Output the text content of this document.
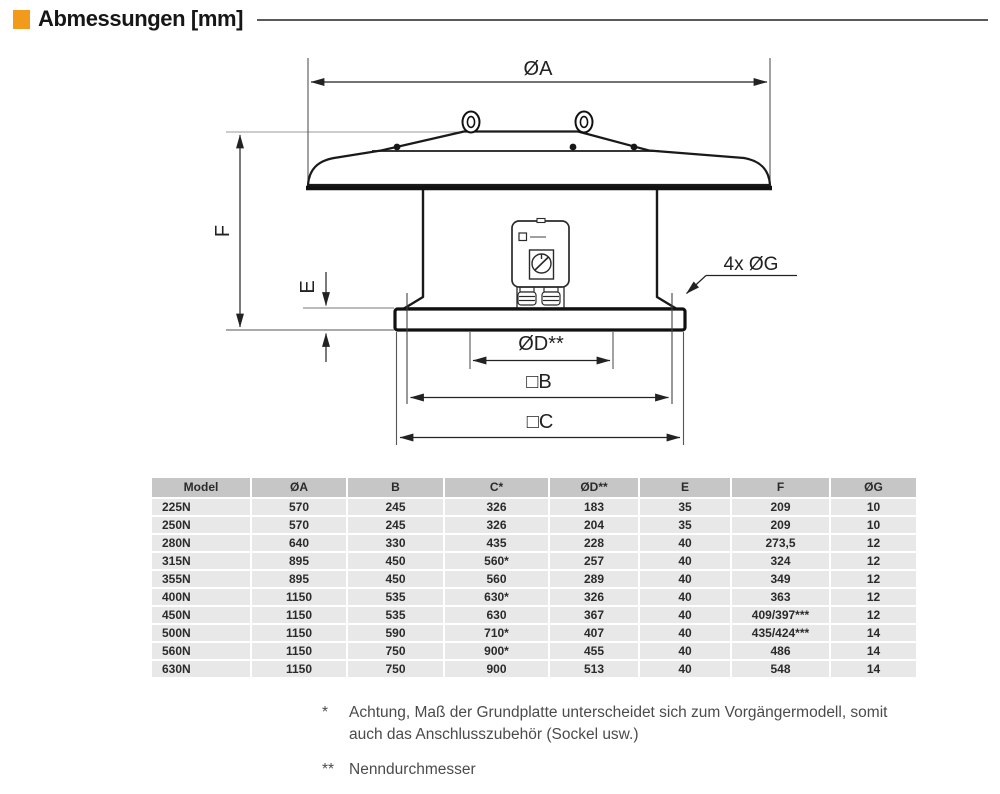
ØA
F
E
ØD**
□B
□C
4x ØG
Abmessungen [mm]
Model	ØA	B	C*	ØD**	E	F	ØG
225N	570	245	326	183	35	209	10
250N	570	245	326	204	35	209	10
280N	640	330	435	228	40	273,5	12
315N	895	450	560*	257	40	324	12
355N	895	450	560	289	40	349	12
400N	1150	535	630*	326	40	363	12
450N	1150	535	630	367	40	409/397***	12
500N	1150	590	710*	407	40	435/424***	14
560N	1150	750	900*	455	40	486	14
630N	1150	750	900	513	40	548	14
*	Achtung, Maß der Grundplatte unterscheidet sich zum Vorgängermodell, somit auch das Anschlusszubehör (Sockel usw.)

** Nenndurchmesser
